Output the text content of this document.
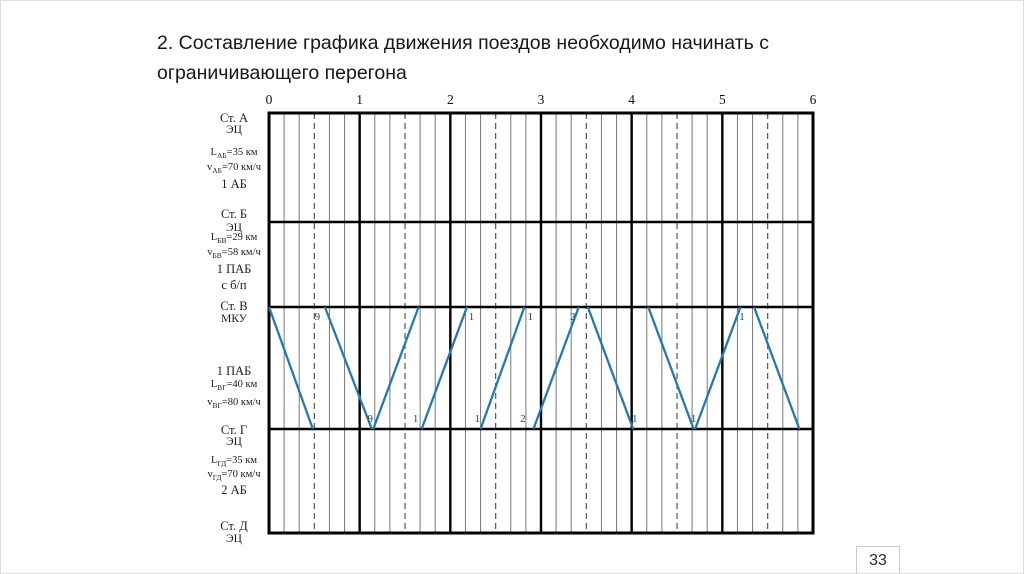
2. Составление графика движения поездов необходимо начинать с ограничивающего перегона
0	1	2	3	4	5	6
9	1	1	2	1
9	1	1	2	1	1
Ст. А
ЭЦ
Ст. Б
ЭЦ
Ст. В
МКУ
Ст. Г
ЭЦ
Ст. Д
ЭЦ
$L_{АБ}=35$ км
$v_{АБ}=70$ км/ч
1 АБ
$L_{БВ}=29$ км
$v_{БВ}=58$ км/ч
1 ПАБ
с б/п
1 ПАБ
$L_{ВГ}=40$ км
$v_{ВГ}=80$ км/ч
$L_{ГД}=35$ км
$v_{ГД}=70$ км/ч
2 АБ
33
